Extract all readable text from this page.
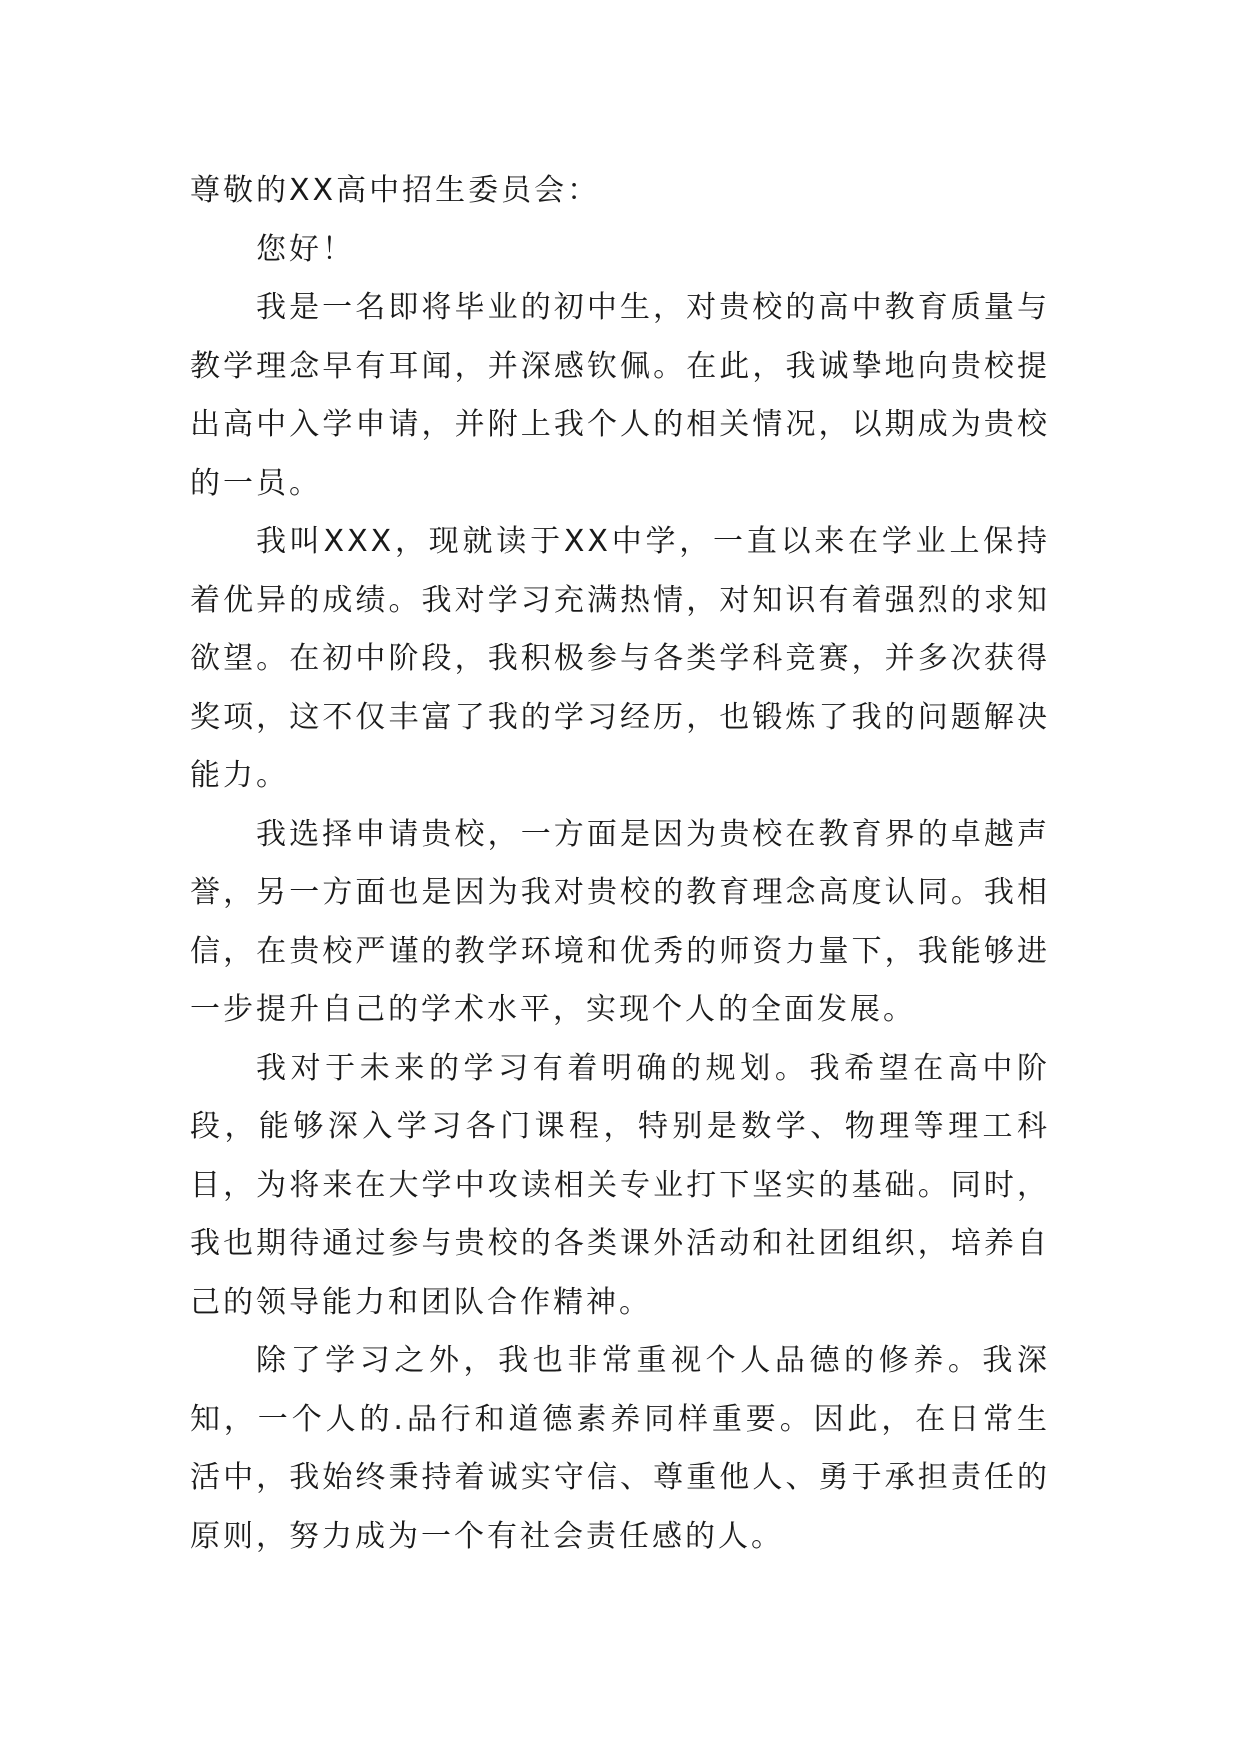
尊敬的XX高中招生委员会：

您好！

我是一名即将毕业的初中生，对贵校的高中教育质量与教学理念早有耳闻，并深感钦佩。在此，我诚挚地向贵校提出高中入学申请，并附上我个人的相关情况，以期成为贵校的一员。

我叫XXX，现就读于XX中学，一直以来在学业上保持着优异的成绩。我对学习充满热情，对知识有着强烈的求知欲望。在初中阶段，我积极参与各类学科竞赛，并多次获得奖项，这不仅丰富了我的学习经历，也锻炼了我的问题解决能力。

我选择申请贵校，一方面是因为贵校在教育界的卓越声誉，另一方面也是因为我对贵校的教育理念高度认同。我相信，在贵校严谨的教学环境和优秀的师资力量下，我能够进一步提升自己的学术水平，实现个人的全面发展。

我对于未来的学习有着明确的规划。我希望在高中阶段，能够深入学习各门课程，特别是数学、物理等理工科目，为将来在大学中攻读相关专业打下坚实的基础。同时，我也期待通过参与贵校的各类课外活动和社团组织，培养自己的领导能力和团队合作精神。

除了学习之外，我也非常重视个人品德的修养。我深知，一个人的.品行和道德素养同样重要。因此，在日常生活中，我始终秉持着诚实守信、尊重他人、勇于承担责任的原则，努力成为一个有社会责任感的人。
